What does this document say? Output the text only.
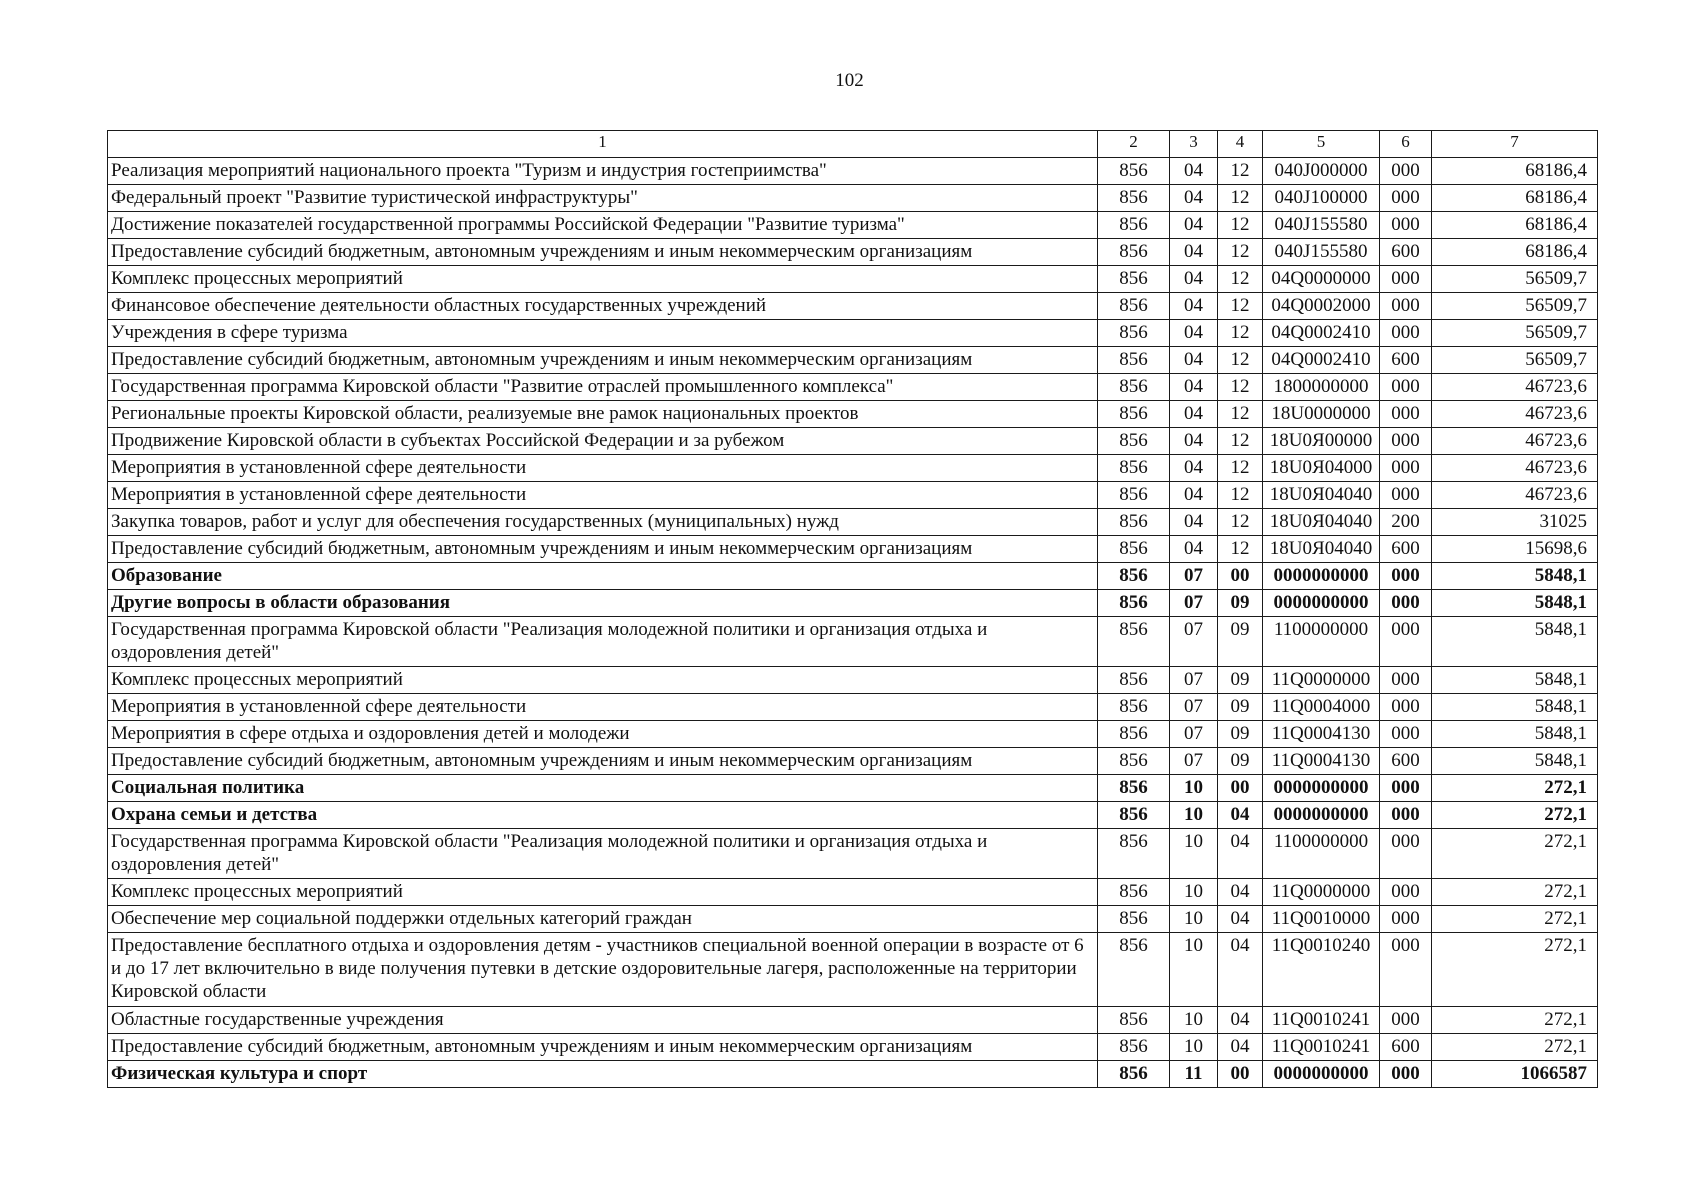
102
1	2	3	4	5	6	7
Реализация мероприятий национального проекта "Туризм и индустрия гостеприимства"	856	04	12	040J000000	000	68186,4
Федеральный проект "Развитие туристической инфраструктуры"	856	04	12	040J100000	000	68186,4
Достижение показателей государственной программы Российской Федерации "Развитие туризма"	856	04	12	040J155580	000	68186,4
Предоставление субсидий бюджетным, автономным учреждениям и иным некоммерческим организациям	856	04	12	040J155580	600	68186,4
Комплекс процессных мероприятий	856	04	12	04Q0000000	000	56509,7
Финансовое обеспечение деятельности областных государственных учреждений	856	04	12	04Q0002000	000	56509,7
Учреждения в сфере туризма	856	04	12	04Q0002410	000	56509,7
Предоставление субсидий бюджетным, автономным учреждениям и иным некоммерческим организациям	856	04	12	04Q0002410	600	56509,7
Государственная программа Кировской области "Развитие отраслей промышленного комплекса"	856	04	12	1800000000	000	46723,6
Региональные проекты Кировской области, реализуемые вне рамок национальных проектов	856	04	12	18U0000000	000	46723,6
Продвижение Кировской области в субъектах Российской Федерации и за рубежом	856	04	12	18U0Я00000	000	46723,6
Мероприятия в установленной сфере деятельности	856	04	12	18U0Я04000	000	46723,6
Мероприятия в установленной сфере деятельности	856	04	12	18U0Я04040	000	46723,6
Закупка товаров, работ и услуг для обеспечения государственных (муниципальных) нужд	856	04	12	18U0Я04040	200	31025
Предоставление субсидий бюджетным, автономным учреждениям и иным некоммерческим организациям	856	04	12	18U0Я04040	600	15698,6
Образование	856	07	00	0000000000	000	5848,1
Другие вопросы в области образования	856	07	09	0000000000	000	5848,1
Государственная программа Кировской области "Реализация молодежной политики и организация отдыха и оздоровления детей"	856	07	09	1100000000	000	5848,1
Комплекс процессных мероприятий	856	07	09	11Q0000000	000	5848,1
Мероприятия в установленной сфере деятельности	856	07	09	11Q0004000	000	5848,1
Мероприятия в сфере отдыха и оздоровления детей и молодежи	856	07	09	11Q0004130	000	5848,1
Предоставление субсидий бюджетным, автономным учреждениям и иным некоммерческим организациям	856	07	09	11Q0004130	600	5848,1
Социальная политика	856	10	00	0000000000	000	272,1
Охрана семьи и детства	856	10	04	0000000000	000	272,1
Государственная программа Кировской области "Реализация молодежной политики и организация отдыха и оздоровления детей"	856	10	04	1100000000	000	272,1
Комплекс процессных мероприятий	856	10	04	11Q0000000	000	272,1
Обеспечение мер социальной поддержки отдельных категорий граждан	856	10	04	11Q0010000	000	272,1
Предоставление бесплатного отдыха и оздоровления детям - участников специальной военной операции в возрасте от 6 и до 17 лет включительно в виде получения путевки в детские оздоровительные лагеря, расположенные на территории Кировской области	856	10	04	11Q0010240	000	272,1
Областные государственные учреждения	856	10	04	11Q0010241	000	272,1
Предоставление субсидий бюджетным, автономным учреждениям и иным некоммерческим организациям	856	10	04	11Q0010241	600	272,1
Физическая культура и спорт	856	11	00	0000000000	000	1066587
